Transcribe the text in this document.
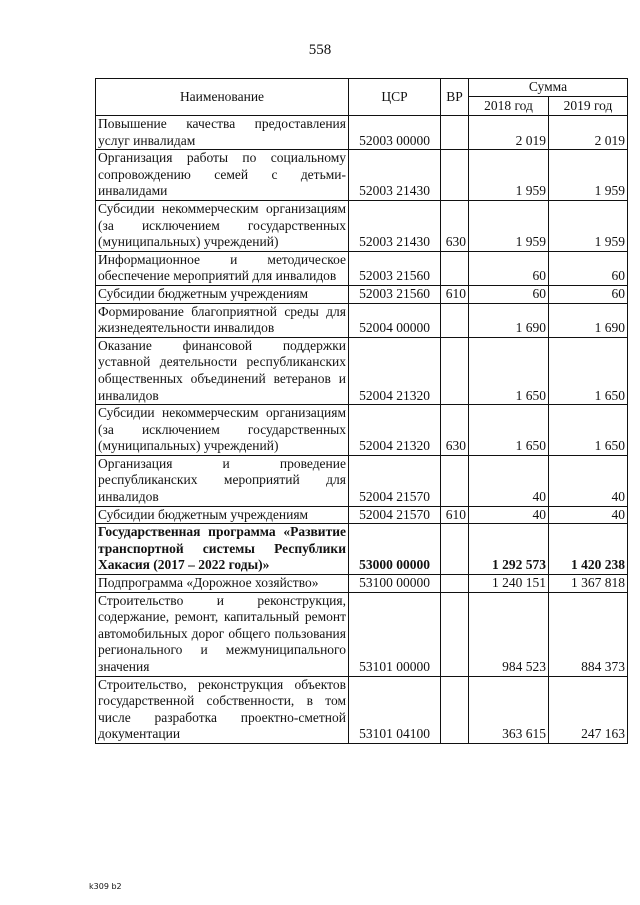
558
Наименование	ЦСР	ВР	Сумма	
			2018 год	2019 год
Повышение качества предоставления услуг инвалидам	52003 00000		2 019	2 019
Организация работы по социальному сопровождению семей с детьми-инвалидами	52003 21430		1 959	1 959
Субсидии некоммерческим организациям (за исключением государственных (муниципальных) учреждений)	52003 21430	630	1 959	1 959
Информационное и методическое обеспечение мероприятий для инвалидов	52003 21560		60	60
Субсидии бюджетным учреждениям	52003 21560	610	60	60
Формирование благоприятной среды для жизнедеятельности инвалидов	52004 00000		1 690	1 690
Оказание финансовой поддержки уставной деятельности республиканских общественных объединений ветеранов и инвалидов	52004 21320		1 650	1 650
Субсидии некоммерческим организациям (за исключением государственных (муниципальных) учреждений)	52004 21320	630	1 650	1 650
Организация и проведение республиканских мероприятий для инвалидов	52004 21570		40	40
Субсидии бюджетным учреждениям	52004 21570	610	40	40
Государственная программа «Развитие транспортной системы Республики Хакасия (2017 – 2022 годы)»	53000 00000		1 292 573	1 420 238
Подпрограмма «Дорожное хозяйство»	53100 00000		1 240 151	1 367 818
Строительство и реконструкция, содержание, ремонт, капитальный ремонт автомобильных дорог общего пользования регионального и межмуниципального значения	53101 00000		984 523	884 373
Строительство, реконструкция объектов государственной собственности, в том числе разработка проектно-сметной документации	53101 04100		363 615	247 163
k309 b2
